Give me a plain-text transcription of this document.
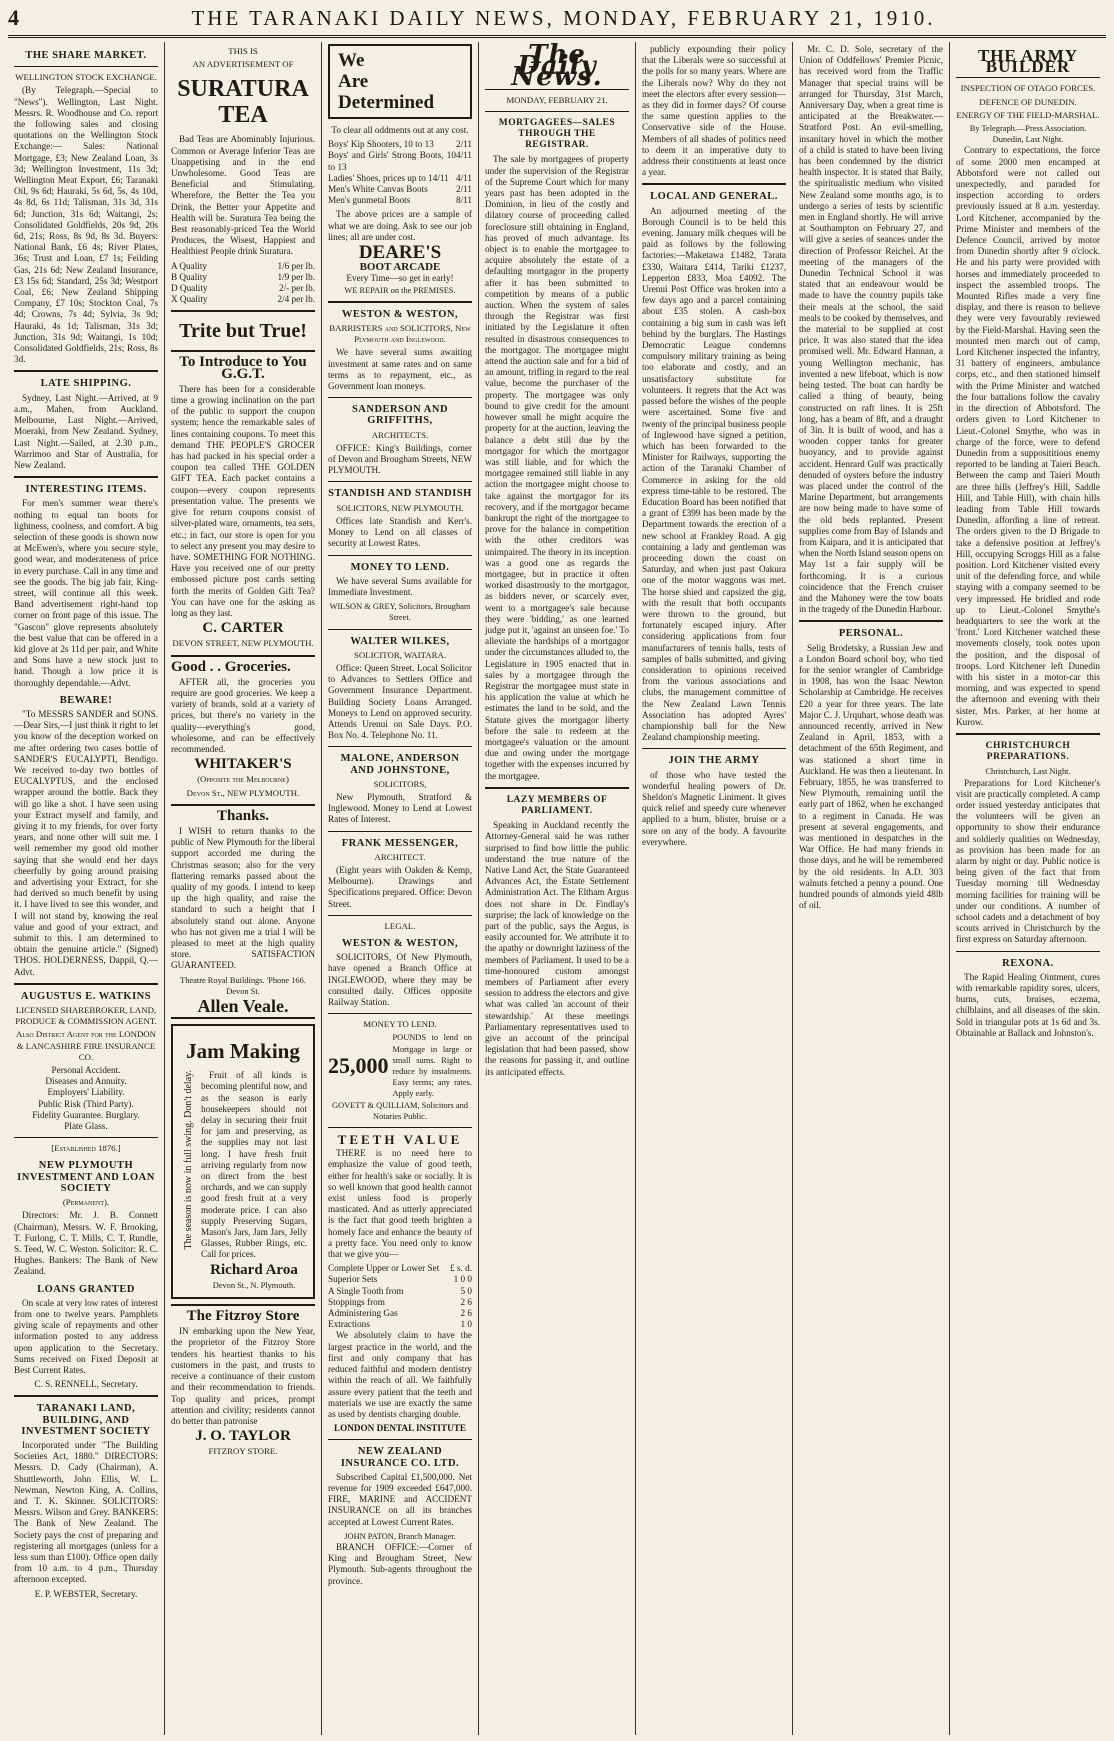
4	THE TARANAKI DAILY NEWS, MONDAY, FEBRUARY 21, 1910.
THE SHARE MARKET.
WELLINGTON STOCK EXCHANGE.

(By Telegraph.—Special to "News"). Wellington, Last Night. Messrs. R. Woodhouse and Co. report the following sales and closing quotations on the Wellington Stock Exchange:— Sales: National Mortgage, £3; New Zealand Loan, 3s 3d; Wellington Investment, 11s 3d; Wellington Meat Export, £6; Taranaki Oil, 9s 6d; Hauraki, 5s 6d, 5s, 4s 10d, 4s 8d, 6s 11d; Talisman, 31s 3d, 31s 6d; Junction, 31s 6d; Waitangi, 2s; Consolidated Goldfields, 20s 9d, 20s 6d, 21s; Ross, 8s 9d, 8s 3d. Buyers: National Bank, £6 4s; River Plates, 36s; Trust and Loan, £7 1s; Feilding Gas, 21s 6d; New Zealand Insurance, £3 15s 6d; Standard, 25s 3d; Westport Coal, £6; New Zealand Shipping Company, £7 10s; Stockton Coal, 7s 4d; Crowns, 7s 4d; Sylvia, 3s 9d; Hauraki, 4s 1d; Talisman, 31s 3d; Junction, 31s 9d; Waitangi, 1s 10d; Consolidated Goldfields, 21s; Ross, 8s 3d.

LATE SHIPPING.

Sydney, Last Night.—Arrived, at 9 a.m., Mahen, from Auckland. Melbourne, Last Night.—Arrived, Moeraki, from New Zealand. Sydney, Last Night.—Sailed, at 2.30 p.m., Warrimoo and Star of Australia, for New Zealand.

INTERESTING ITEMS.

For men's summer wear there's nothing to equal tan boots for lightness, coolness, and comfort. A big selection of these goods is shown now at McEwen's, where you secure style, good wear, and moderateness of price in every purchase. Call in any time and see the goods. The big jab fair, King-street, will continue all this week. Band advertisement right-hand top corner on front page of this issue. The "Gascon" glove represents absolutely the best value that can be offered in a kid glove at 2s 11d per pair, and White and Sons have a new stock just to hand. Though a low price it is thoroughly dependable.—Advt.

BEWARE!

"To MESSRS SANDER and SONS.—Dear Sirs,—I just think it right to let you know of the deception worked on me after ordering two cases bottle of SANDER'S EUCALYPTI, Bendigo. We received to-day two bottles of EUCALYPTUS, and the enclosed wrapper around the bottle. Back they will go like a shot. I have seen using your Extract myself and family, and giving it to my friends, for over forty years, and none other will suit me. I well remember my good old mother saying that she would end her days cheerfully by going around praising and advertising your Extract, for she had derived so much benefit by using it. I have lived to see this wonder, and I will not stand by, knowing the real value and good of your extract, and submit to this. I am determined to obtain the genuine article." (Signed) THOS. HOLDERNESS, Dappil, Q.—Advt.

AUGUSTUS E. WATKINS
LICENSED SHAREBROKER, LAND, PRODUCE & COMMISSION AGENT.
Also District Agent for the LONDON & LANCASHIRE FIRE INSURANCE CO.
Personal Accident.
Diseases and Annuity.
Employers' Liability.
Public Risk (Third Party).
Fidelity Guarantee. Burglary.
Plate Glass.
[Established 1876.]
NEW PLYMOUTH INVESTMENT AND LOAN SOCIETY
(Permanent).

Directors: Mr. J. B. Connett (Chairman), Messrs. W. F. Brooking, T. Furlong, C. T. Mills, C. T. Rundle, S. Teed, W. C. Weston. Solicitor: R. C. Hughes. Bankers: The Bank of New Zealand.

LOANS GRANTED

On scale at very low rates of interest from one to twelve years. Pamphlets giving scale of repayments and other information posted to any address upon application to the Secretary. Sums received on Fixed Deposit at Best Current Rates.

C. S. RENNELL, Secretary.
TARANAKI LAND, BUILDING, AND INVESTMENT SOCIETY

Incorporated under "The Building Societies Act, 1880." DIRECTORS: Messrs. D. Cady (Chairman), A. Shuttleworth, John Ellis, W. L. Newman, Newton King, A. Collins, and T. K. Skinner. SOLICITORS: Messrs. Wilson and Grey. BANKERS: The Bank of New Zealand. The Society pays the cost of preparing and registering all mortgages (unless for a less sum than £100). Office open daily from 10 a.m. to 4 p.m., Thursday afternoon excepted.

E. P. WEBSTER, Secretary.
THIS IS
AN ADVERTISEMENT OF
SURATURA TEA

Bad Teas are Abominably Injurious. Common or Average Inferior Teas are Unappetising and in the end Unwholesome. Good Teas are Beneficial and Stimulating. Wherefore, the Better the Tea you Drink, the Better your Appetite and Health will be. Suratura Tea being the Best reasonably-priced Tea the World Produces, the Wisest, Happiest and Healthiest People drink Suratura.

A Quality	1/6 per lb.
B Quality	1/9 per lb.
D Quality	2/- per lb.
X Quality	2/4 per lb.
Trite but True!
To Introduce to You G.G.T.

There has been for a considerable time a growing inclination on the part of the public to support the coupon system; hence the remarkable sales of lines containing coupons. To meet this demand THE PEOPLE'S GROCER has had packed in his special order a coupon tea called THE GOLDEN GIFT TEA. Each packet contains a coupon—every coupon represents presentation value. The presents we give for return coupons consist of silver-plated ware, ornaments, tea sets, etc.; in fact, our store is open for you to select any present you may desire to have. SOMETHING FOR NOTHING. Have you received one of our pretty embossed picture post cards setting forth the merits of Golden Gift Tea? You can have one for the asking as long as they last.

C. CARTER
DEVON STREET, NEW PLYMOUTH.
Good . . Groceries.

AFTER all, the groceries you require are good groceries. We keep a variety of brands, sold at a variety of prices, but there's no variety in the quality—everything's good, wholesome, and can be effectively recommended.

WHITAKER'S
(Opposite the Melbourne)
Devon St., NEW PLYMOUTH.
Thanks.

I WISH to return thanks to the public of New Plymouth for the liberal support accorded me during the Christmas season; also for the very flattering remarks passed about the quality of my goods. I intend to keep up the high quality, and raise the standard to such a height that I absolutely stand out alone. Anyone who has not given me a trial I will be pleased to meet at the high quality store. SATISFACTION GUARANTEED.

Theatre Royal Buildings. 'Phone 166. Devon St.
Allen Veale.
Jam Making
The season is now in full swing. Don't delay.	Fruit of all kinds is becoming plentiful now, and as the season is early housekeepers should not delay in securing their fruit for jam and preserving, as the supplies may not last long. I have fresh fruit arriving regularly from now on direct from the best orchards, and we can supply good fresh fruit at a very moderate price. I can also supply Preserving Sugars, Mason's Jars, Jam Jars, Jelly Glasses, Rubber Rings, etc. Call for prices.

Richard Aroa
Devon St., N. Plymouth.
The Fitzroy Store

IN embarking upon the New Year, the proprietor of the Fitzroy Store tenders his heartiest thanks to his customers in the past, and trusts to receive a continuance of their custom and their recommendation to friends. Top quality and prices, prompt attention and civility; residents cannot do better than patronise

J. O. TAYLOR
FITZROY STORE.
We
Are
Determined
To clear all oddments out at any cost.
Boys' Kip Shooters, 10 to 13 2/11
Boys' and Girls' Strong Boots, 10 to 13
4/11
Ladies' Shoes, prices up to 14/11 4/11
Men's White Canvas Boots	2/11
Men's gunmetal Boots	8/11

The above prices are a sample of what we are doing. Ask to see our job lines; all are under cost.

DEARE'S
BOOT ARCADE
Every Time—so get in early!
WE REPAIR on the PREMISES.
WESTON & WESTON,
BARRISTERS and SOLICITORS, New Plymouth and Inglewood.

We have several sums awaiting investment at same rates and on same terms as to repayment, etc., as Government loan moneys.

SANDERSON AND GRIFFITHS,
ARCHITECTS.

OFFICE: King's Buildings, corner of Devon and Brougham Streets, NEW PLYMOUTH.

STANDISH AND STANDISH
SOLICITORS, NEW PLYMOUTH.

Offices late Standish and Kerr's. Money to Lend on all classes of security at Lowest Rates.

MONEY TO LEND.

We have several Sums available for Immediate Investment.

WILSON & GREY, Solicitors, Brougham Street.
WALTER WILKES,
SOLICITOR, WAITARA.

Office: Queen Street. Local Solicitor to Advances to Settlers Office and Government Insurance Department. Building Society Loans Arranged. Moneys to Lend on approved security. Attends Urenui on Sale Days. P.O. Box No. 4. Telephone No. 11.

MALONE, ANDERSON AND JOHNSTONE,
SOLICITORS,

New Plymouth, Stratford & Inglewood. Money to Lend at Lowest Rates of Interest.

FRANK MESSENGER,
ARCHITECT.

(Eight years with Oakden & Kemp, Melbourne). Drawings and Specifications prepared. Office: Devon Street.

LEGAL.
WESTON & WESTON,

SOLICITORS, Of New Plymouth, have opened a Branch Office at INGLEWOOD, where they may be consulted daily. Offices opposite Railway Station.

MONEY TO LEND.
25,000
POUNDS to lend on Mortgage in large or small sums. Right to reduce by instalments. Easy terms; any rates. Apply early.
GOVETT & QUILLIAM, Solicitors and Notaries Public.
TEETH VALUE

THERE is no need here to emphasize the value of good teeth, either for health's sake or socially. It is so well known that good health cannot exist unless food is properly masticated. And as utterly appreciated is the fact that good teeth brighten a homely face and enhance the beauty of a pretty face. You need only to know that we give you—

Complete Upper or Lower Set £ s. d.
Superior Sets	1 0 0
A Single Tooth from	5 0
Stoppings from	2 6
Administering Gas	2 6
Extractions	1 0

We absolutely claim to have the largest practice in the world, and the first and only company that has reduced faithful and modern dentistry within the reach of all. We faithfully assure every patient that the teeth and materials we use are exactly the same as used by dentists charging double.

LONDON DENTAL INSTITUTE
NEW ZEALAND INSURANCE CO. LTD.

Subscribed Capital £1,500,000. Net revenue for 1909 exceeded £647,000. FIRE, MARINE and ACCIDENT INSURANCE on all its branches accepted at Lowest Current Rates.

JOHN PATON, Branch Manager.

BRANCH OFFICE:—Corner of King and Brougham Street, New Plymouth. Sub-agents throughout the province.

The Daily News.
MONDAY, FEBRUARY 21.
MORTGAGEES—SALES THROUGH THE REGISTRAR.

The sale by mortgagees of property under the supervision of the Registrar of the Supreme Court which for many years past has been adopted in the Dominion, in lieu of the costly and dilatory course of proceeding called foreclosure still obtaining in England, has proved of much advantage. Its object is to enable the mortgagee to acquire absolutely the estate of a defaulting mortgagor in the property after it has been submitted to competition by means of a public auction. When the system of sales through the Registrar was first initiated by the Legislature it often resulted in disastrous consequences to the mortgagor. The mortgagee might attend the auction sale and for a bid of an amount, trifling in regard to the real value, become the purchaser of the property. The mortgagee was only bound to give credit for the amount however small he might acquire the property for at the auction, leaving the balance a debt still due by the mortgagor for which the mortgagor was still liable, and for which the mortgagee remained still liable in any action the mortgagee might choose to take against the mortgagor for its recovery, and if the mortgagor became bankrupt the right of the mortgagee to prove for the balance in competition with the other creditors was unimpaired. The theory in its inception was a good one as regards the mortgagee, but in practice it often worked disastrously to the mortgagor, as bidders never, or scarcely ever, went to a mortgagee's sale because they were 'bidding,' as one learned judge put it, 'against an unseen foe.' To alleviate the hardships of a mortgagor under the circumstances alluded to, the Legislature in 1905 enacted that in sales by a mortgagee through the Registrar the mortgagee must state in his application the value at which he estimates the land to be sold, and the Statute gives the mortgagor liberty before the sale to redeem at the mortgagee's valuation or the amount due and owing under the mortgage together with the expenses incurred by the mortgagee.

LAZY MEMBERS OF PARLIAMENT.

Speaking in Auckland recently the Attorney-General said he was rather surprised to find how little the public understand the true nature of the Native Land Act, the State Guaranteed Advances Act, the Estate Settlement Administration Act. The Eltham Argus does not share in Dr. Findlay's surprise; the lack of knowledge on the part of the public, says the Argus, is easily accounted for. We attribute it to the apathy or downright laziness of the members of Parliament. It used to be a time-honoured custom amongst members of Parliament after every session to address the electors and give what was called 'an account of their stewardship.' At these meetings Parliamentary representatives used to give an account of the principal legislation that had been passed, show the reasons for passing it, and outline its anticipated effects.

publicly expounding their policy that the Liberals were so successful at the polls for so many years. Where are the Liberals now? Why do they not meet the electors after every session—as they did in former days? Of course the same question applies to the Conservative side of the House. Members of all shades of politics need to deem it an imperative duty to address their constituents at least once a year.

LOCAL AND GENERAL.

An adjourned meeting of the Borough Council is to be held this evening. January milk cheques will be paid as follows by the following factories:—Maketawa £1482, Tarata £330, Waitara £414, Tariki £1237, Lepperton £833, Moa £4092. The Urenui Post Office was broken into a few days ago and a parcel containing about £35 stolen. A cash-box containing a big sum in cash was left behind by the burglars. The Hastings Democratic League condemns compulsory military training as being too elaborate and costly, and an unsatisfactory substitute for volunteers. It regrets that the Act was passed before the wishes of the people were ascertained. Some five and twenty of the principal business people of Inglewood have signed a petition, which has been forwarded to the Minister for Railways, supporting the action of the Taranaki Chamber of Commerce in asking for the old express time-table to be restored. The Education Board has been notified that a grant of £399 has been made by the Department towards the erection of a new school at Frankley Road. A gig containing a lady and gentleman was proceeding down the coast on Saturday, and when just past Oakura one of the motor waggons was met. The horse shied and capsized the gig, with the result that both occupants were thrown to the ground, but fortunately escaped injury. After considering applications from four manufacturers of tennis balls, tests of samples of balls submitted, and giving consideration to opinions received from the various associations and clubs, the management committee of the New Zealand Lawn Tennis Association has adopted Ayres' championship ball for the New Zealand championship meeting.

JOIN THE ARMY

of those who have tested the wonderful healing powers of Dr. Sheldon's Magnetic Liniment. It gives quick relief and speedy cure whenever applied to a burn, blister, bruise or a sore on any of the body. A favourite everywhere.

Mr. C. D. Sole, secretary of the Union of Oddfellows' Premier Picnic, has received word from the Traffic Manager that special trains will be arranged for Thursday, 31st March, Anniversary Day, when a great time is anticipated at the Breakwater.—Stratford Post. An evil-smelling, insanitary hovel in which the mother of a child is stated to have been living has been condemned by the district health inspector. It is stated that Baily, the spiritualistic medium who visited New Zealand some months ago, is to undergo a series of tests by scientific men in England shortly. He will arrive at Southampton on February 27, and will give a series of seances under the direction of Professor Reichel. At the meeting of the managers of the Dunedin Technical School it was stated that an endeavour would be made to have the country pupils take their meals at the school, the said meals to be cooked by themselves, and the material to be supplied at cost price. It was also stated that the idea promised well. Mr. Edward Hannan, a young Wellington mechanic, has invented a new lifeboat, which is now being tested. The boat can hardly be called a thing of beauty, being constructed on raft lines. It is 25ft long, has a beam of 8ft, and a draught of 3in. It is built of wood, and has a wooden copper tanks for greater buoyancy, and to provide against accident. Henrard Gulf was practically denuded of oysters before the industry was placed under the control of the Marine Department, but arrangements are now being made to have some of the old beds replanted. Present supplies come from Bay of Islands and from Kaipara, and it is anticipated that when the North Island season opens on May 1st a fair supply will be forthcoming. It is a curious coincidence that the French cruiser and the Mahoney were the tow boats in the tragedy of the Dunedin Harbour.

PERSONAL.

Selig Brodetsky, a Russian Jew and a London Board school boy, who tied for the senior wrangler of Cambridge in 1908, has won the Isaac Newton Scholarship at Cambridge. He receives £20 a year for three years. The late Major C. J. Urquhart, whose death was announced recently, arrived in New Zealand in April, 1853, with a detachment of the 65th Regiment, and was stationed a short time in Auckland. He was then a lieutenant. In February, 1855, he was transferred to New Plymouth, remaining until the early part of 1862, when he exchanged to a regiment in Canada. He was present at several engagements, and was mentioned in despatches in the War Office. He had many friends in those days, and he will be remembered by the old residents. In A.D. 303 walnuts fetched a penny a pound. One hundred pounds of almonds yield 48lb of oil.

THE ARMY BUILDER
INSPECTION OF OTAGO FORCES.
DEFENCE OF DUNEDIN.
ENERGY OF THE FIELD-MARSHAL.
By Telegraph.—Press Association. Dunedin, Last Night.

Contrary to expectations, the force of some 2000 men encamped at Abbotsford were not called out unexpectedly, and paraded for inspection according to orders previously issued at 8 a.m. yesterday. Lord Kitchener, accompanied by the Prime Minister and members of the Defence Council, arrived by motor from Dunedin shortly after 9 o'clock. He and his party were provided with horses and immediately proceeded to inspect the assembled troops. The Mounted Rifles made a very fine display, and there is reason to believe they were very favourably reviewed by the Field-Marshal. Having seen the mounted men march out of camp, Lord Kitchener inspected the infantry, 31 battery of engineers, ambulance corps, etc., and then stationed himself with the Prime Minister and watched the four battalions follow the cavalry in the direction of Abbotsford. The orders given to Lord Kitchener to Lieut.-Colonel Smythe, who was in charge of the force, were to defend Dunedin from a supposititious enemy reported to be landing at Taieri Beach. Between the camp and Taieri Mouth are three hills (Jeffrey's Hill, Saddle Hill, and Table Hill), with chain hills leading from Table Hill towards Dunedin, affording a line of retreat. The orders given to the D Brigade to take a defensive position at Jeffrey's Hill, occupying Scroggs Hill as a false position. Lord Kitchener visited every unit of the defending force, and while staying with a company seemed to be very impressed. He bridled and rode up to Lieut.-Colonel Smythe's headquarters to see the work at the 'front.' Lord Kitchener watched these movements closely, took notes upon the position, and the disposal of troops. Lord Kitchener left Dunedin with his sister in a motor-car this morning, and was expected to spend the afternoon and evening with their sister, Mrs. Parker, at her home at Kurow.

CHRISTCHURCH PREPARATIONS.
Christchurch, Last Night.

Preparations for Lord Kitchener's visit are practically completed. A camp order issued yesterday anticipates that the volunteers will be given an opportunity to show their endurance and soldierly qualities on Wednesday, as provision has been made for an alarm by night or day. Public notice is being given of the fact that from Tuesday morning till Wednesday morning facilities for training will be under our conditions. A number of school cadets and a detachment of boy scouts arrived in Christchurch by the first express on Saturday afternoon.

REXONA.

The Rapid Healing Ointment, cures with remarkable rapidity sores, ulcers, burns, cuts, bruises, eczema, chilblains, and all diseases of the skin. Sold in triangular pots at 1s 6d and 3s. Obtainable at Ballack and Johnston's.
